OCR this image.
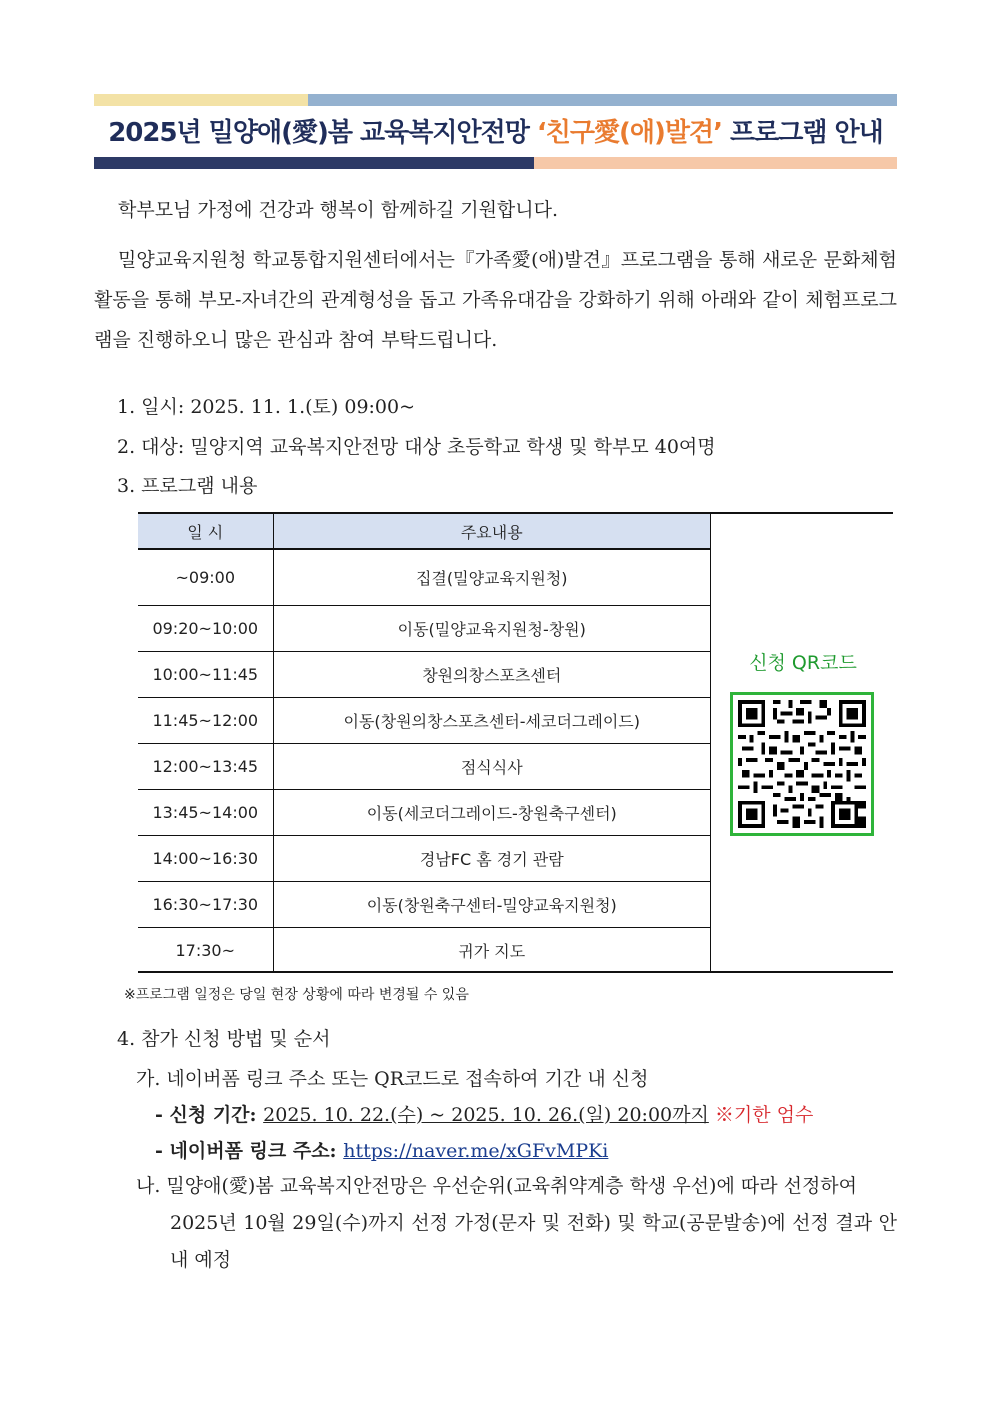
2025년 밀양애(愛)봄 교육복지안전망 ‘친구愛(애)발견’ 프로그램 안내
학부모님 가정에 건강과 행복이 함께하길 기원합니다.
밀양교육지원청 학교통합지원센터에서는『가족愛(애)발견』프로그램을 통해 새로운 문화체험활동을 통해 부모-자녀간의 관계형성을 돕고 가족유대감을 강화하기 위해 아래와 같이 체험프로그램을 진행하오니 많은 관심과 참여 부탁드립니다.
1. 일시: 2025. 11. 1.(토) 09:00~
2. 대상: 밀양지역 교육복지안전망 대상 초등학교 학생 및 학부모 40여명
3. 프로그램 내용
일 시	주요내용
~09:00	집결(밀양교육지원청)
09:20~10:00	이동(밀양교육지원청-창원)
10:00~11:45	창원의창스포츠센터
11:45~12:00	이동(창원의창스포츠센터-세코더그레이드)
12:00~13:45	점식식사
13:45~14:00	이동(세코더그레이드-창원축구센터)
14:00~16:30	경남FC 홈 경기 관람
16:30~17:30	이동(창원축구센터-밀양교육지원청)
17:30~	귀가 지도
신청 QR코드
※프로그램 일정은 당일 현장 상황에 따라 변경될 수 있음
4. 참가 신청 방법 및 순서
가. 네이버폼 링크 주소 또는 QR코드로 접속하여 기간 내 신청
- 신청 기간: 2025. 10. 22.(수) ~ 2025. 10. 26.(일) 20:00까지 ※기한 엄수
- 네이버폼 링크 주소: https://naver.me/xGFvMPKi
나. 밀양애(愛)봄 교육복지안전망은 우선순위(교육취약계층 학생 우선)에 따라 선정하여
2025년 10월 29일(수)까지 선정 가정(문자 및 전화) 및 학교(공문발송)에 선정 결과 안내 예정
